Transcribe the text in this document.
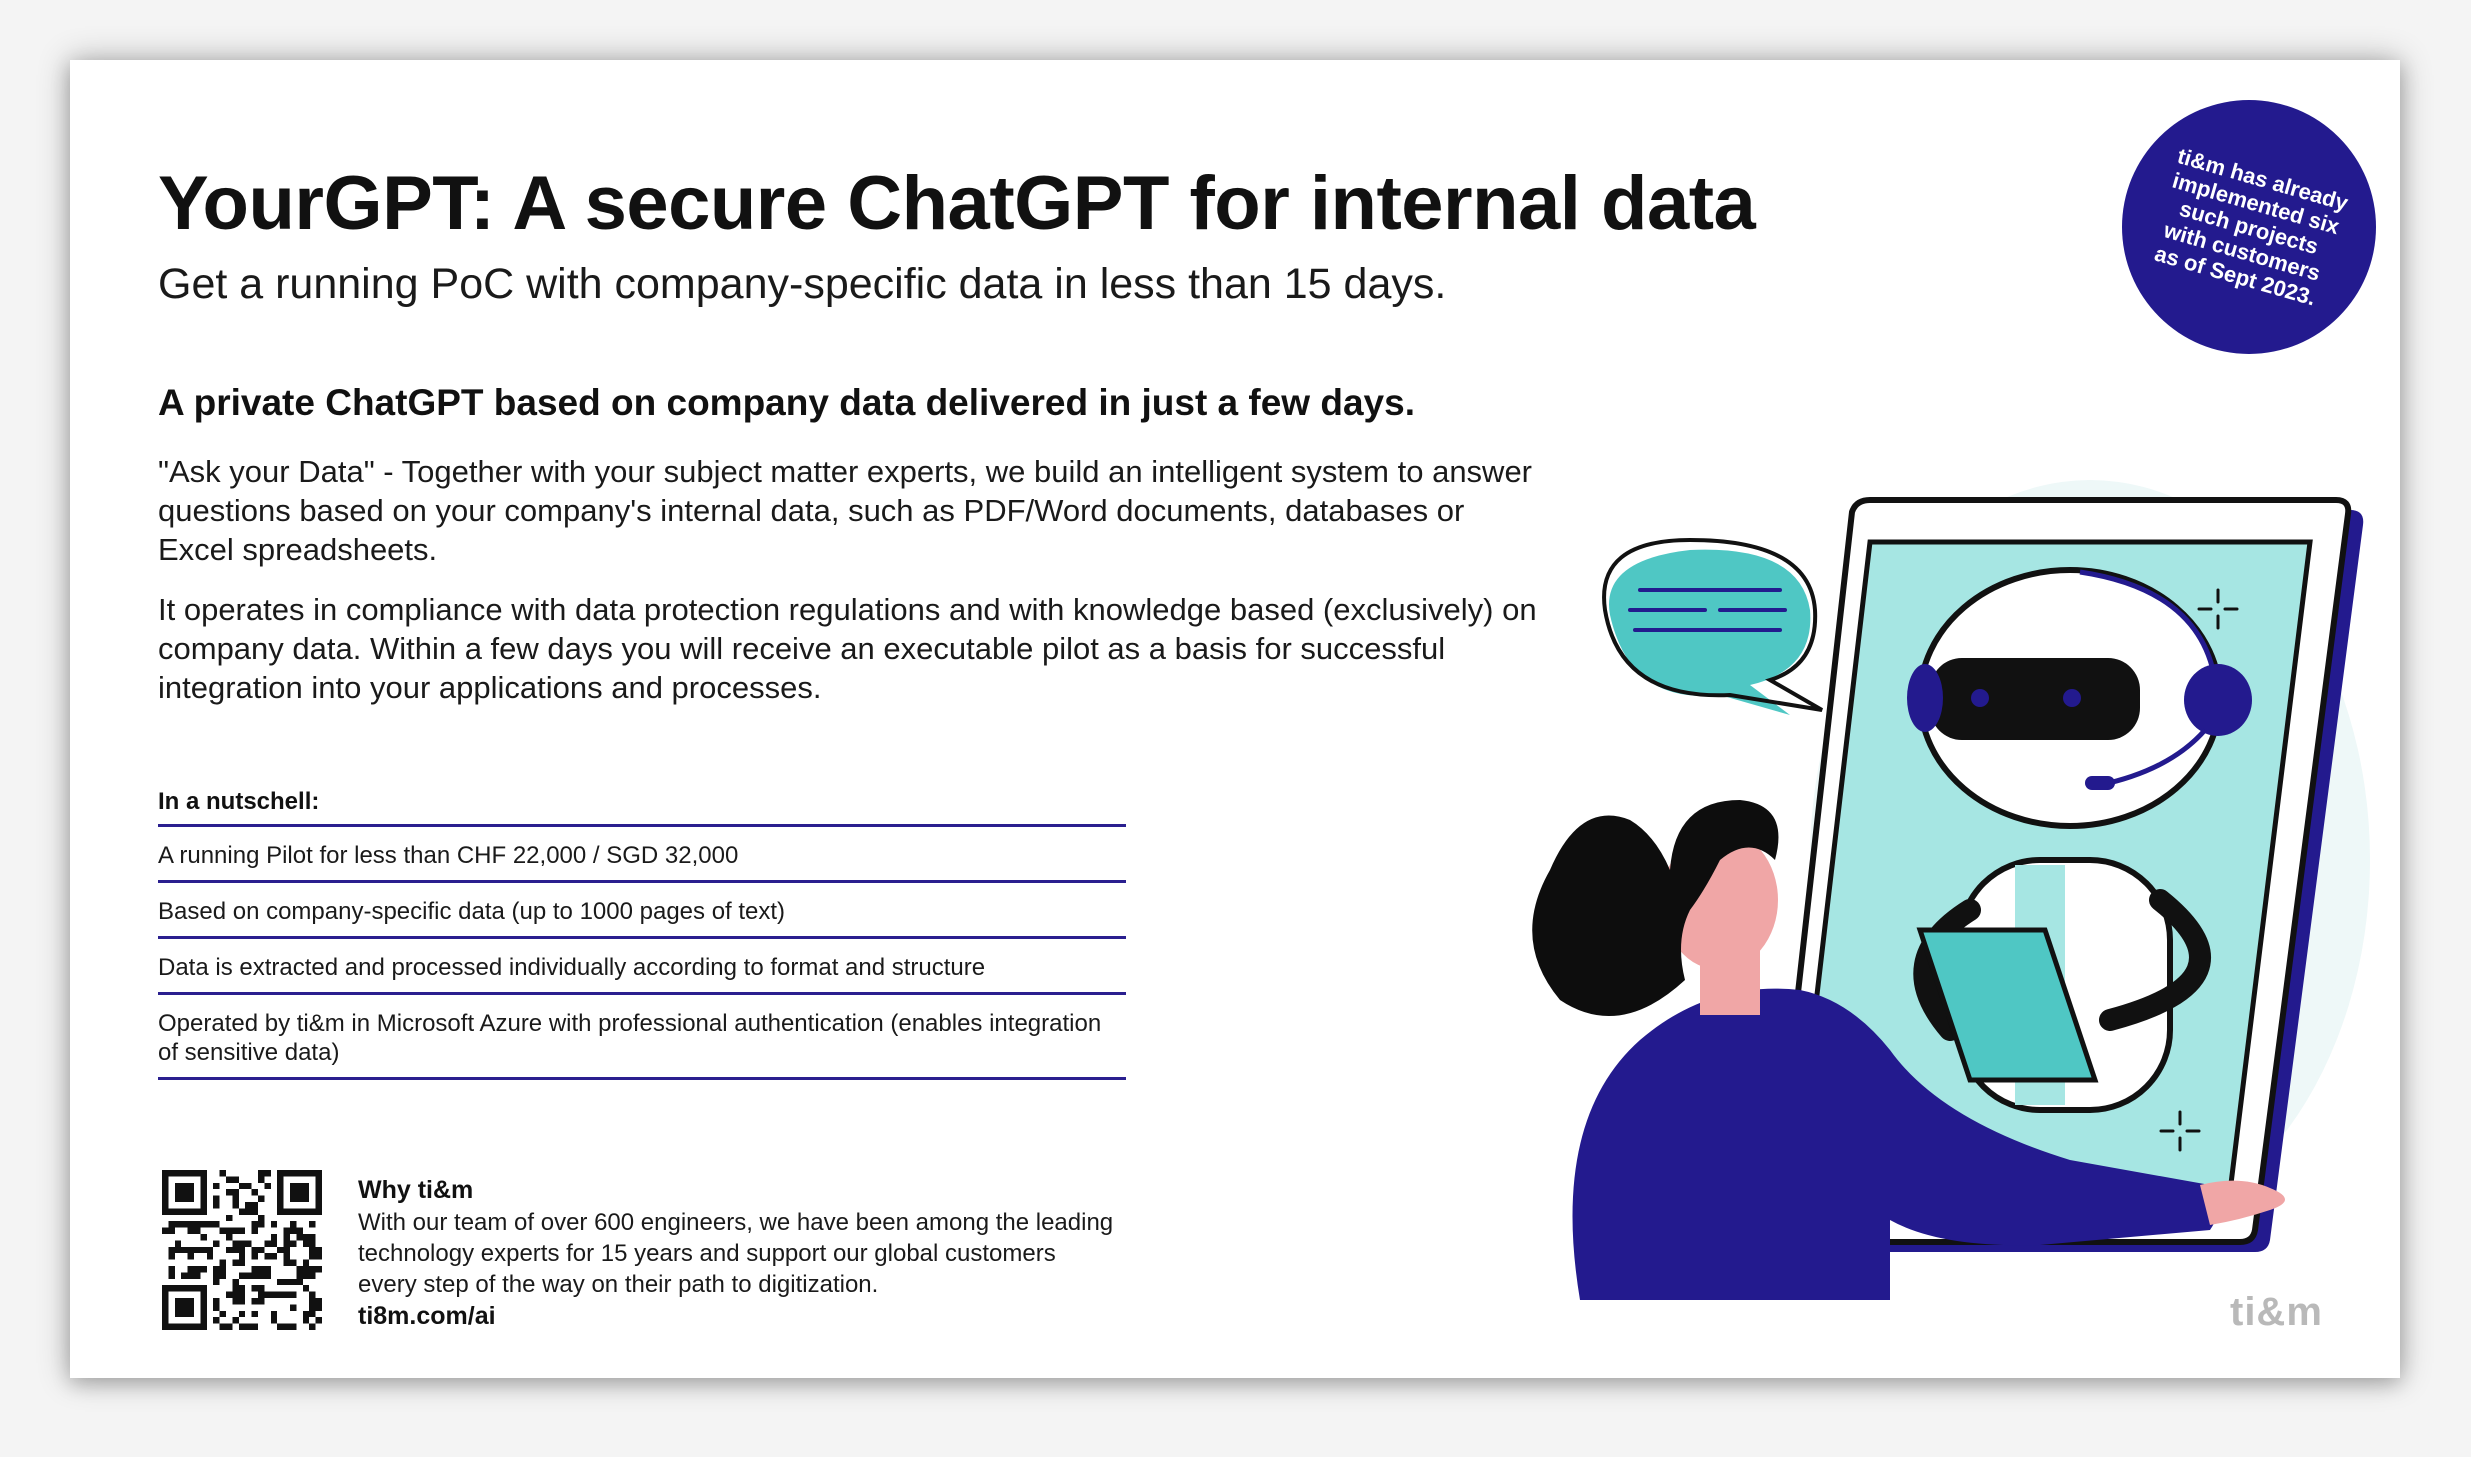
YourGPT: A secure ChatGPT for internal data

Get a running PoC with company-specific data in less than 15 days.

ti&m has already implemented six such projects with customers as of Sept 2023.
A private ChatGPT based on company data delivered in just a few days.

"Ask your Data" - Together with your subject matter experts, we build an intelligent system to answer questions based on your company's internal data, such as PDF/Word documents, databases or Excel spreadsheets.

It operates in compliance with data protection regulations and with knowledge based (exclusively) on company data. Within a few days you will receive an executable pilot as a basis for successful integration into your applications and processes.

In a nutschell:
A running Pilot for less than CHF 22,000 / SGD 32,000
Based on company-specific data (up to 1000 pages of text)
Data is extracted and processed individually according to format and structure
Operated by ti&m in Microsoft Azure with professional authentication (enables integration of sensitive data)

Why ti&m

With our team of over 600 engineers, we have been among the leading technology experts for 15 years and support our global customers every step of the way on their path to digitization.

ti8m.com/ai	ti&m
